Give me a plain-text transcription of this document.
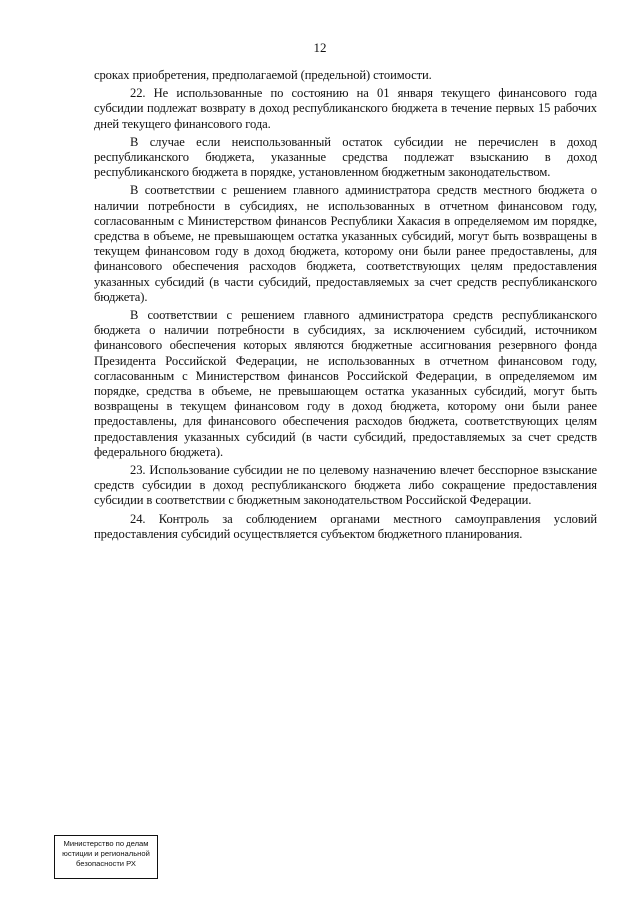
12

сроках приобретения, предполагаемой (предельной) стоимости.

22. Не использованные по состоянию на 01 января текущего финансового года субсидии подлежат возврату в доход республиканского бюджета в течение первых 15 рабочих дней текущего финансового года.

В случае если неиспользованный остаток субсидии не перечислен в доход республиканского бюджета, указанные средства подлежат взысканию в доход республиканского бюджета в порядке, установленном бюджетным законодательством.

В соответствии с решением главного администратора средств местного бюджета о наличии потребности в субсидиях, не использованных в отчетном финансовом году, согласованным с Министерством финансов Республики Хакасия в определяемом им порядке, средства в объеме, не превышающем остатка указанных субсидий, могут быть возвращены в текущем финансовом году в доход бюджета, которому они были ранее предоставлены, для финансового обеспечения расходов бюджета, соответствующих целям предоставления указанных субсидий (в части субсидий, предоставляемых за счет средств республиканского бюджета).

В соответствии с решением главного администратора средств республиканского бюджета о наличии потребности в субсидиях, за исключением субсидий, источником финансового обеспечения которых являются бюджетные ассигнования резервного фонда Президента Российской Федерации, не использованных в отчетном финансовом году, согласованным с Министерством финансов Российской Федерации, в определяемом им порядке, средства в объеме, не превышающем остатка указанных субсидий, могут быть возвращены в текущем финансовом году в доход бюджета, которому они были ранее предоставлены, для финансового обеспечения расходов бюджета, соответствующих целям предоставления указанных субсидий (в части субсидий, предоставляемых за счет средств федерального бюджета).

23. Использование субсидии не по целевому назначению влечет бесспорное взыскание средств субсидии в доход республиканского бюджета либо сокращение предоставления субсидии в соответствии с бюджетным законодательством Российской Федерации.

24. Контроль за соблюдением органами местного самоуправления условий предоставления субсидий осуществляется субъектом бюджетного планирования.

Министерство по делам
юстиции и региональной
безопасности РХ
